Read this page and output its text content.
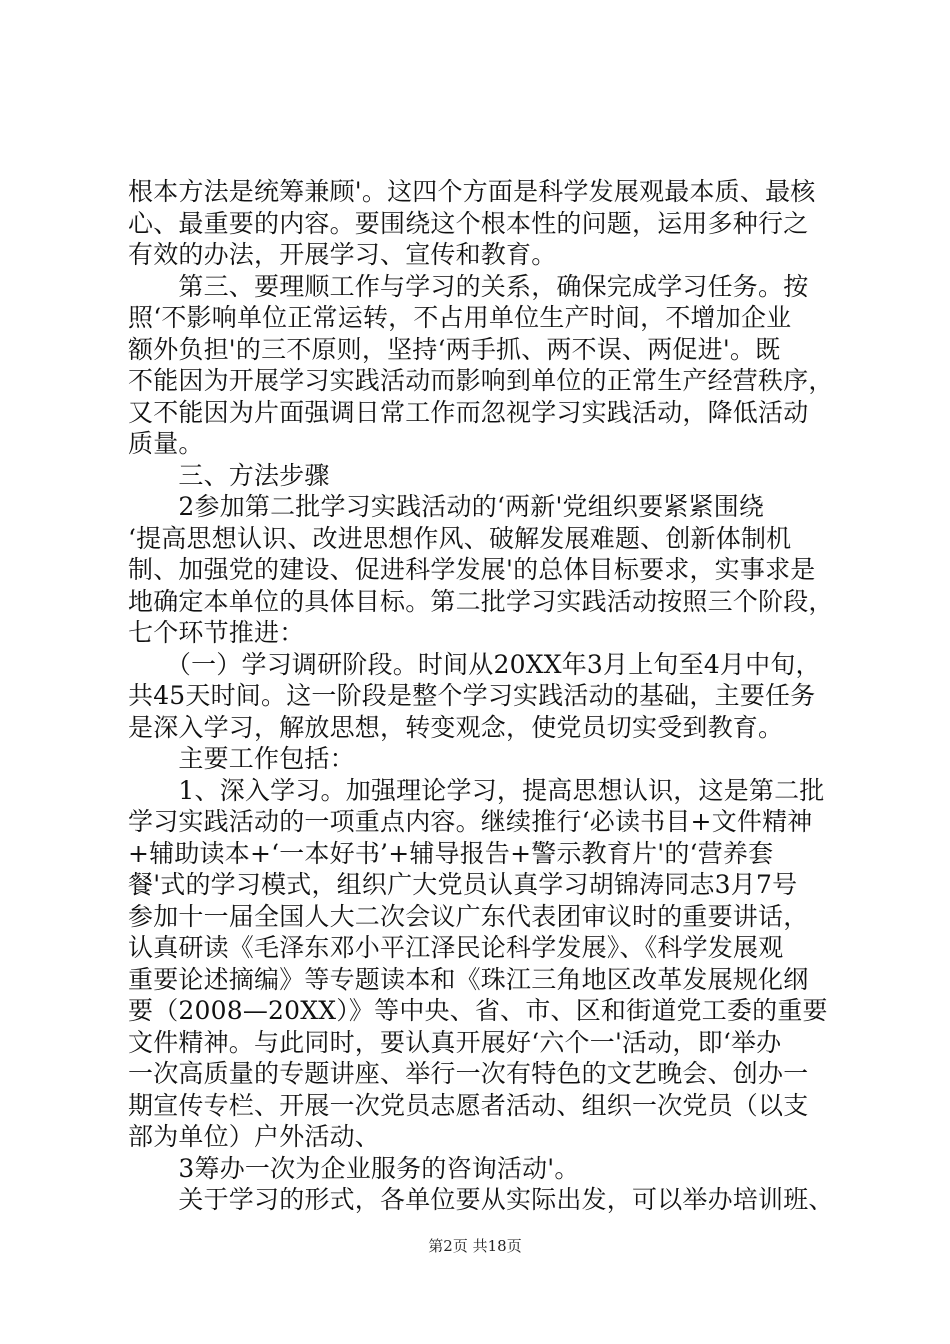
根本方法是统筹兼顾'。这四个方面是科学发展观最本质、最核
心、最重要的内容。要围绕这个根本性的问题，运用多种行之
有效的办法，开展学习、宣传和教育。
　　第三、要理顺工作与学习的关系，确保完成学习任务。按
照‘不影响单位正常运转，不占用单位生产时间，不增加企业
额外负担'的三不原则，坚持‘两手抓、两不误、两促进'。既
不能因为开展学习实践活动而影响到单位的正常生产经营秩序，
又不能因为片面强调日常工作而忽视学习实践活动，降低活动
质量。
　　三、方法步骤
　　2参加第二批学习实践活动的‘两新'党组织要紧紧围绕
‘提高思想认识、改进思想作风、破解发展难题、创新体制机
制、加强党的建设、促进科学发展'的总体目标要求，实事求是
地确定本单位的具体目标。第二批学习实践活动按照三个阶段，
七个环节推进：
　　（一）学习调研阶段。时间从20XX年3月上旬至4月中旬，
共45天时间。这一阶段是整个学习实践活动的基础，主要任务
是深入学习，解放思想，转变观念，使党员切实受到教育。
　　主要工作包括：
　　1、深入学习。加强理论学习，提高思想认识，这是第二批
学习实践活动的一项重点内容。继续推行‘必读书目+文件精神
+辅助读本+‘一本好书’+辅导报告+警示教育片'的‘营养套
餐'式的学习模式，组织广大党员认真学习胡锦涛同志3月7号
参加十一届全国人大二次会议广东代表团审议时的重要讲话，
认真研读《毛泽东邓小平江泽民论科学发展》、《科学发展观
重要论述摘编》等专题读本和《珠江三角地区改革发展规化纲
要（2008—20XX）》等中央、省、市、区和街道党工委的重要
文件精神。与此同时，要认真开展好‘六个一'活动，即‘举办
一次高质量的专题讲座、举行一次有特色的文艺晚会、创办一
期宣传专栏、开展一次党员志愿者活动、组织一次党员（以支
部为单位）户外活动、
　　3筹办一次为企业服务的咨询活动'。
　　关于学习的形式，各单位要从实际出发，可以举办培训班、
第2页 共18页
